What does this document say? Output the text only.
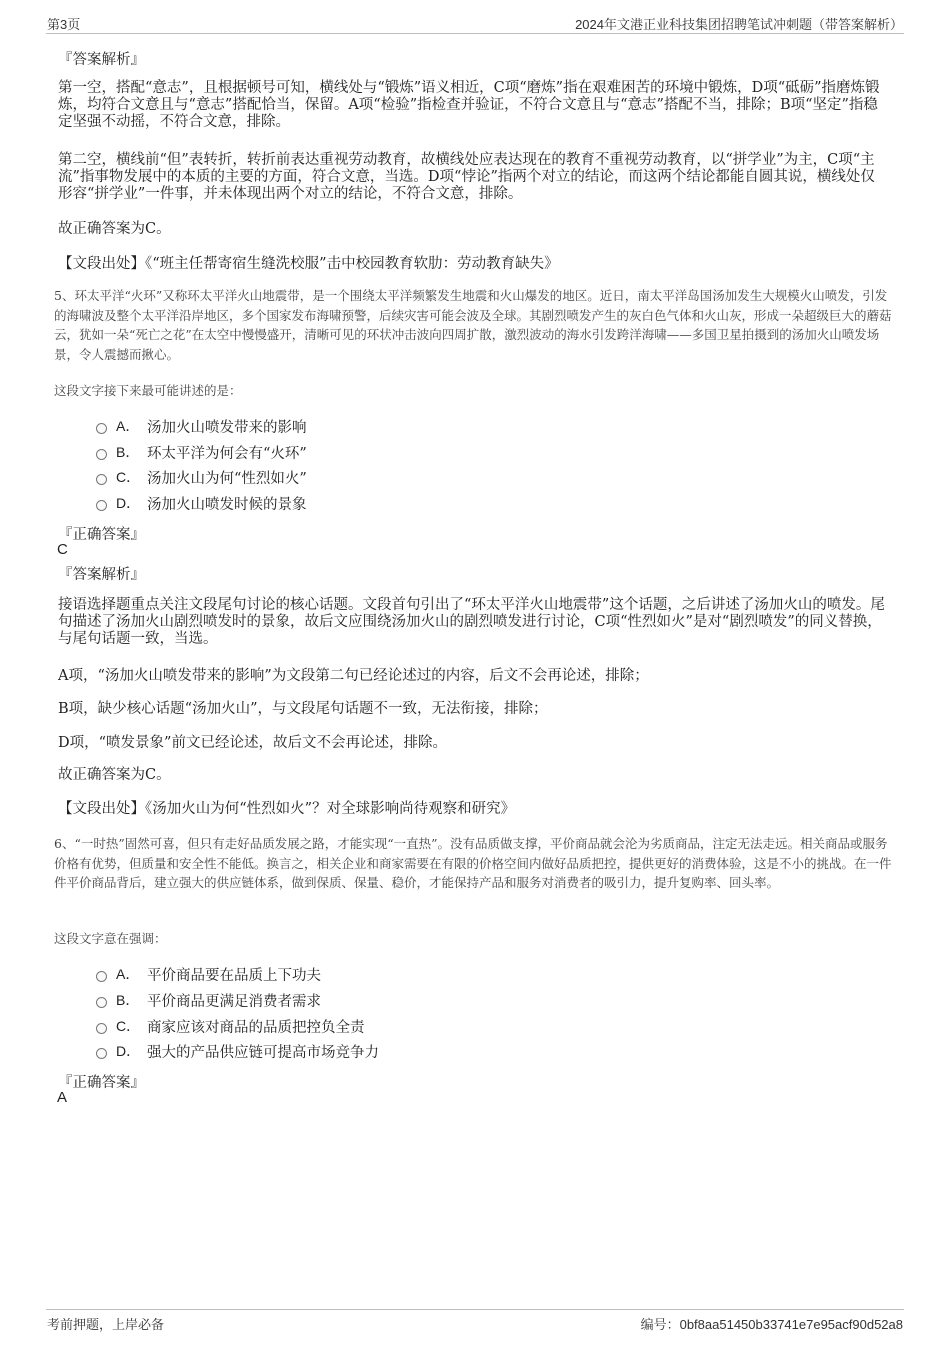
第3页	2024年文港正业科技集团招聘笔试冲刺题（带答案解析）
『答案解析』
第一空，搭配“意志”，且根据顿号可知，横线处与“锻炼”语义相近，C项“磨炼”指在艰难困苦的环境中锻炼，D项“砥砺”指磨炼锻炼，均符合文意且与“意志”搭配恰当，保留。A项“检验”指检查并验证，不符合文意且与“意志”搭配不当，排除；B项“坚定”指稳定坚强不动摇，不符合文意，排除。
第二空，横线前“但”表转折，转折前表达重视劳动教育，故横线处应表达现在的教育不重视劳动教育，以“拼学业”为主，C项“主流”指事物发展中的本质的主要的方面，符合文意，当选。D项“悖论”指两个对立的结论，而这两个结论都能自圆其说，横线处仅形容“拼学业”一件事，并未体现出两个对立的结论，不符合文意，排除。
故正确答案为C。
【文段出处】《“班主任帮寄宿生缝洗校服”击中校园教育软肋：劳动教育缺失》
5、环太平洋“火环”又称环太平洋火山地震带，是一个围绕太平洋频繁发生地震和火山爆发的地区。近日，南太平洋岛国汤加发生大规模火山喷发，引发的海啸波及整个太平洋沿岸地区，多个国家发布海啸预警，后续灾害可能会波及全球。其剧烈喷发产生的灰白色气体和火山灰，形成一朵超级巨大的蘑菇云，犹如一朵“死亡之花”在太空中慢慢盛开，清晰可见的环状冲击波向四周扩散，激烈波动的海水引发跨洋海啸——多国卫星拍摄到的汤加火山喷发场景，令人震撼而揪心。
这段文字接下来最可能讲述的是：
A． 汤加火山喷发带来的影响
B． 环太平洋为何会有“火环”
C． 汤加火山为何“性烈如火”
D． 汤加火山喷发时候的景象
『正确答案』
C
『答案解析』
接语选择题重点关注文段尾句讨论的核心话题。文段首句引出了“环太平洋火山地震带”这个话题，之后讲述了汤加火山的喷发。尾句描述了汤加火山剧烈喷发时的景象，故后文应围绕汤加火山的剧烈喷发进行讨论，C项“性烈如火”是对“剧烈喷发”的同义替换，与尾句话题一致，当选。
A项，“汤加火山喷发带来的影响”为文段第二句已经论述过的内容，后文不会再论述，排除；
B项，缺少核心话题“汤加火山”，与文段尾句话题不一致，无法衔接，排除；
D项，“喷发景象”前文已经论述，故后文不会再论述，排除。
故正确答案为C。
【文段出处】《汤加火山为何“性烈如火”？对全球影响尚待观察和研究》
6、“一时热”固然可喜，但只有走好品质发展之路，才能实现“一直热”。没有品质做支撑，平价商品就会沦为劣质商品，注定无法走远。相关商品或服务价格有优势，但质量和安全性不能低。换言之，相关企业和商家需要在有限的价格空间内做好品质把控，提供更好的消费体验，这是不小的挑战。在一件件平价商品背后，建立强大的供应链体系，做到保质、保量、稳价，才能保持产品和服务对消费者的吸引力，提升复购率、回头率。
这段文字意在强调：
A． 平价商品要在品质上下功夫
B． 平价商品更满足消费者需求
C． 商家应该对商品的品质把控负全责
D． 强大的产品供应链可提高市场竞争力
『正确答案』
A
考前押题，上岸必备	编号：0bf8aa51450b33741e7e95acf90d52a8
